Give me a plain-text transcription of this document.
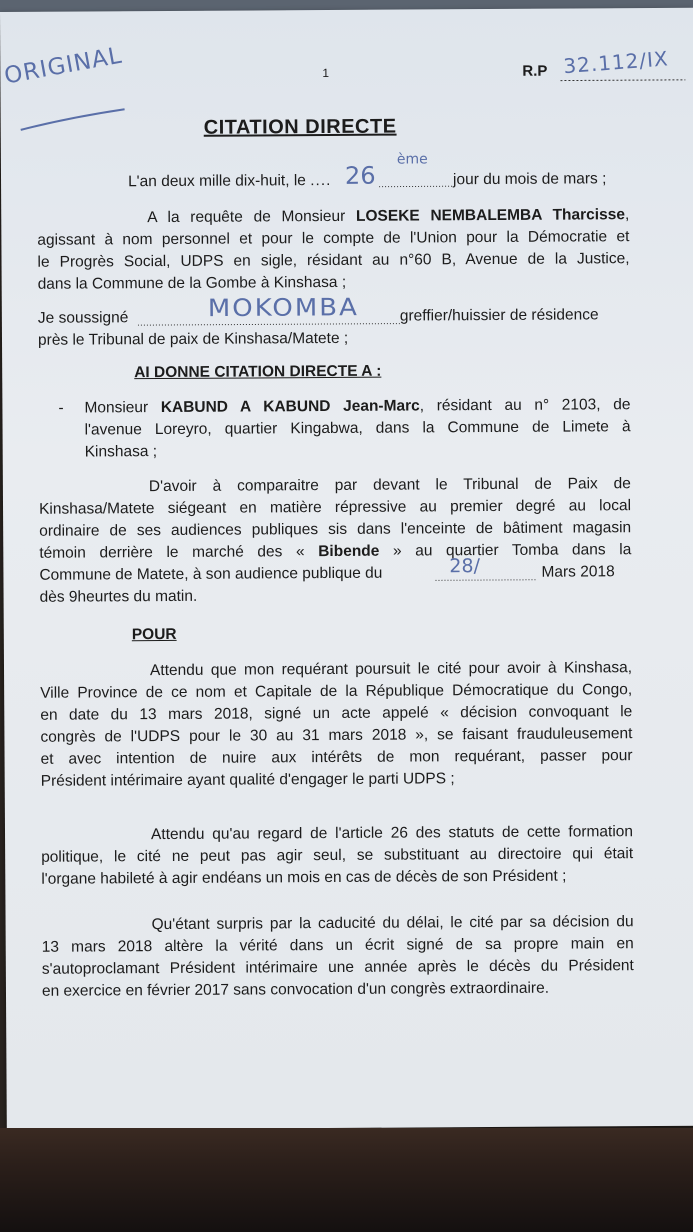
ORIGINAL	1	R.P 32.112/IX
CITATION DIRECTE
L'an deux mille dix-huit, le .... 26
ème
jour du mois de mars ;
A la requête de Monsieur LOSEKE NEMBALEMBA Tharcisse,
agissant à nom personnel et pour le compte de l'Union pour la Démocratie et
le Progrès Social, UDPS en sigle, résidant au n°60 B, Avenue de la Justice,
dans la Commune de la Gombe à Kinshasa ;
Je soussigné	MOKOMBA	greffier/huissier de résidence
près le Tribunal de paix de Kinshasa/Matete ;
AI DONNE CITATION DIRECTE A :
- Monsieur KABUND A KABUND Jean-Marc, résidant au n° 2103, de
l'avenue Loreyro, quartier Kingabwa, dans la Commune de Limete à
Kinshasa ;
D'avoir à comparaitre par devant le Tribunal de Paix de
Kinshasa/Matete siégeant en matière répressive au premier degré au local
ordinaire de ses audiences publiques sis dans l'enceinte de bâtiment magasin
témoin derrière le marché des « Bibende » au quartier Tomba dans la
Commune de Matete, à son audience publique du	28/	Mars 2018
dès 9heurtes du matin.
POUR
Attendu que mon requérant poursuit le cité pour avoir à Kinshasa,
Ville Province de ce nom et Capitale de la République Démocratique du Congo,
en date du 13 mars 2018, signé un acte appelé « décision convoquant le
congrès de l'UDPS pour le 30 au 31 mars 2018 », se faisant frauduleusement
et avec intention de nuire aux intérêts de mon requérant, passer pour
Président intérimaire ayant qualité d'engager le parti UDPS ;
Attendu qu'au regard de l'article 26 des statuts de cette formation
politique, le cité ne peut pas agir seul, se substituant au directoire qui était
l'organe habileté à agir endéans un mois en cas de décès de son Président ;
Qu'étant surpris par la caducité du délai, le cité par sa décision du
13 mars 2018 altère la vérité dans un écrit signé de sa propre main en
s'autoproclamant Président intérimaire une année après le décès du Président
en exercice en février 2017 sans convocation d'un congrès extraordinaire.
